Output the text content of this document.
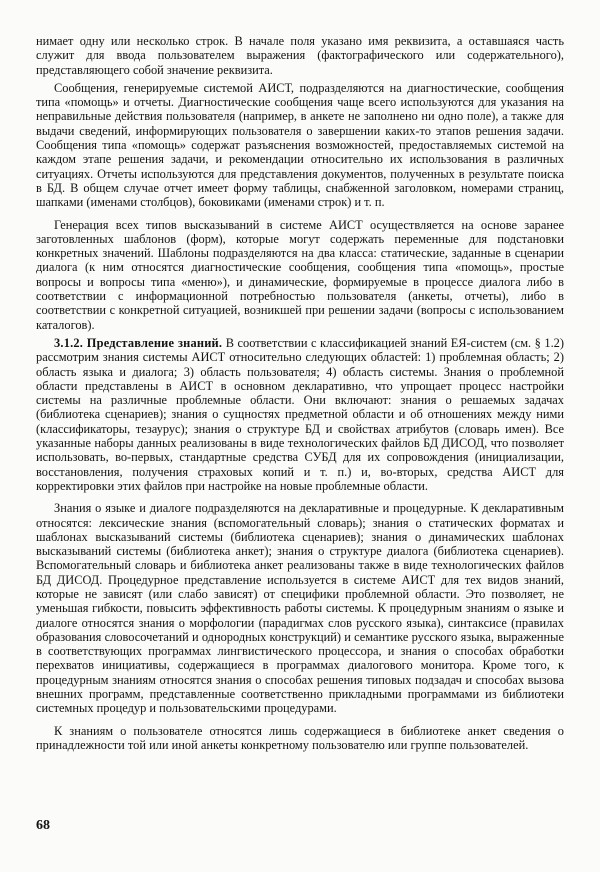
нимает одну или несколько строк. В начале поля указано имя реквизита, а оставшаяся часть служит для ввода пользователем выражения (фактографического или содержательного), представляющего собой значение реквизита.

Сообщения, генерируемые системой АИСТ, подразделяются на диагностические, сообщения типа «помощь» и отчеты. Диагностические сообщения чаще всего используются для указания на неправильные действия пользователя (например, в анкете не заполнено ни одно поле), а также для выдачи сведений, информирующих пользователя о завершении каких-то этапов решения задачи. Сообщения типа «помощь» содержат разъяснения возможностей, предоставляемых системой на каждом этапе решения задачи, и рекомендации относительно их использования в различных ситуациях. Отчеты используются для представления документов, полученных в результате поиска в БД. В общем случае отчет имеет форму таблицы, снабженной заголовком, номерами страниц, шапками (именами столбцов), боковиками (именами строк) и т. п.

Генерация всех типов высказываний в системе АИСТ осуществляется на основе заранее заготовленных шаблонов (форм), которые могут содержать переменные для подстановки конкретных значений. Шаблоны подразделяются на два класса: статические, заданные в сценарии диалога (к ним относятся диагностические сообщения, сообщения типа «помощь», простые вопросы и вопросы типа «меню»), и динамические, формируемые в процессе диалога либо в соответствии с информационной потребностью пользователя (анкеты, отчеты), либо в соответствии с конкретной ситуацией, возникшей при решении задачи (вопросы с использованием каталогов).

3.1.2. Представление знаний. В соответствии с классификацией знаний ЕЯ-систем (см. § 1.2) рассмотрим знания системы АИСТ относительно следующих областей: 1) проблемная область; 2) область языка и диалога; 3) область пользователя; 4) область системы. Знания о проблемной области представлены в АИСТ в основном декларативно, что упрощает процесс настройки системы на различные проблемные области. Они включают: знания о решаемых задачах (библиотека сценариев); знания о сущностях предметной области и об отношениях между ними (классификаторы, тезаурус); знания о структуре БД и свойствах атрибутов (словарь имен). Все указанные наборы данных реализованы в виде технологических файлов БД ДИСОД, что позволяет использовать, во-первых, стандартные средства СУБД для их сопровождения (инициализации, восстановления, получения страховых копий и т. п.) и, во-вторых, средства АИСТ для корректировки этих файлов при настройке на новые проблемные области.

Знания о языке и диалоге подразделяются на декларативные и процедурные. К декларативным относятся: лексические знания (вспомогательный словарь); знания о статических форматах и шаблонах высказываний системы (библиотека сценариев); знания о динамических шаблонах высказываний системы (библиотека анкет); знания о структуре диалога (библиотека сценариев). Вспомогательный словарь и библиотека анкет реализованы также в виде технологических файлов БД ДИСОД. Процедурное представление используется в системе АИСТ для тех видов знаний, которые не зависят (или слабо зависят) от специфики проблемной области. Это позволяет, не уменьшая гибкости, повысить эффективность работы системы. К процедурным знаниям о языке и диалоге относятся знания о морфологии (парадигмах слов русского языка), синтаксисе (правилах образования словосочетаний и однородных конструкций) и семантике русского языка, выраженные в соответствующих программах лингвистического процессора, и знания о способах обработки перехватов инициативы, содержащиеся в программах диалогового монитора. Кроме того, к процедурным знаниям относятся знания о способах решения типовых подзадач и способах вызова внешних программ, представленные соответственно прикладными программами из библиотеки системных процедур и пользовательскими процедурами.

К знаниям о пользователе относятся лишь содержащиеся в библиотеке анкет сведения о принадлежности той или иной анкеты конкретному пользователю или группе пользователей.

68
